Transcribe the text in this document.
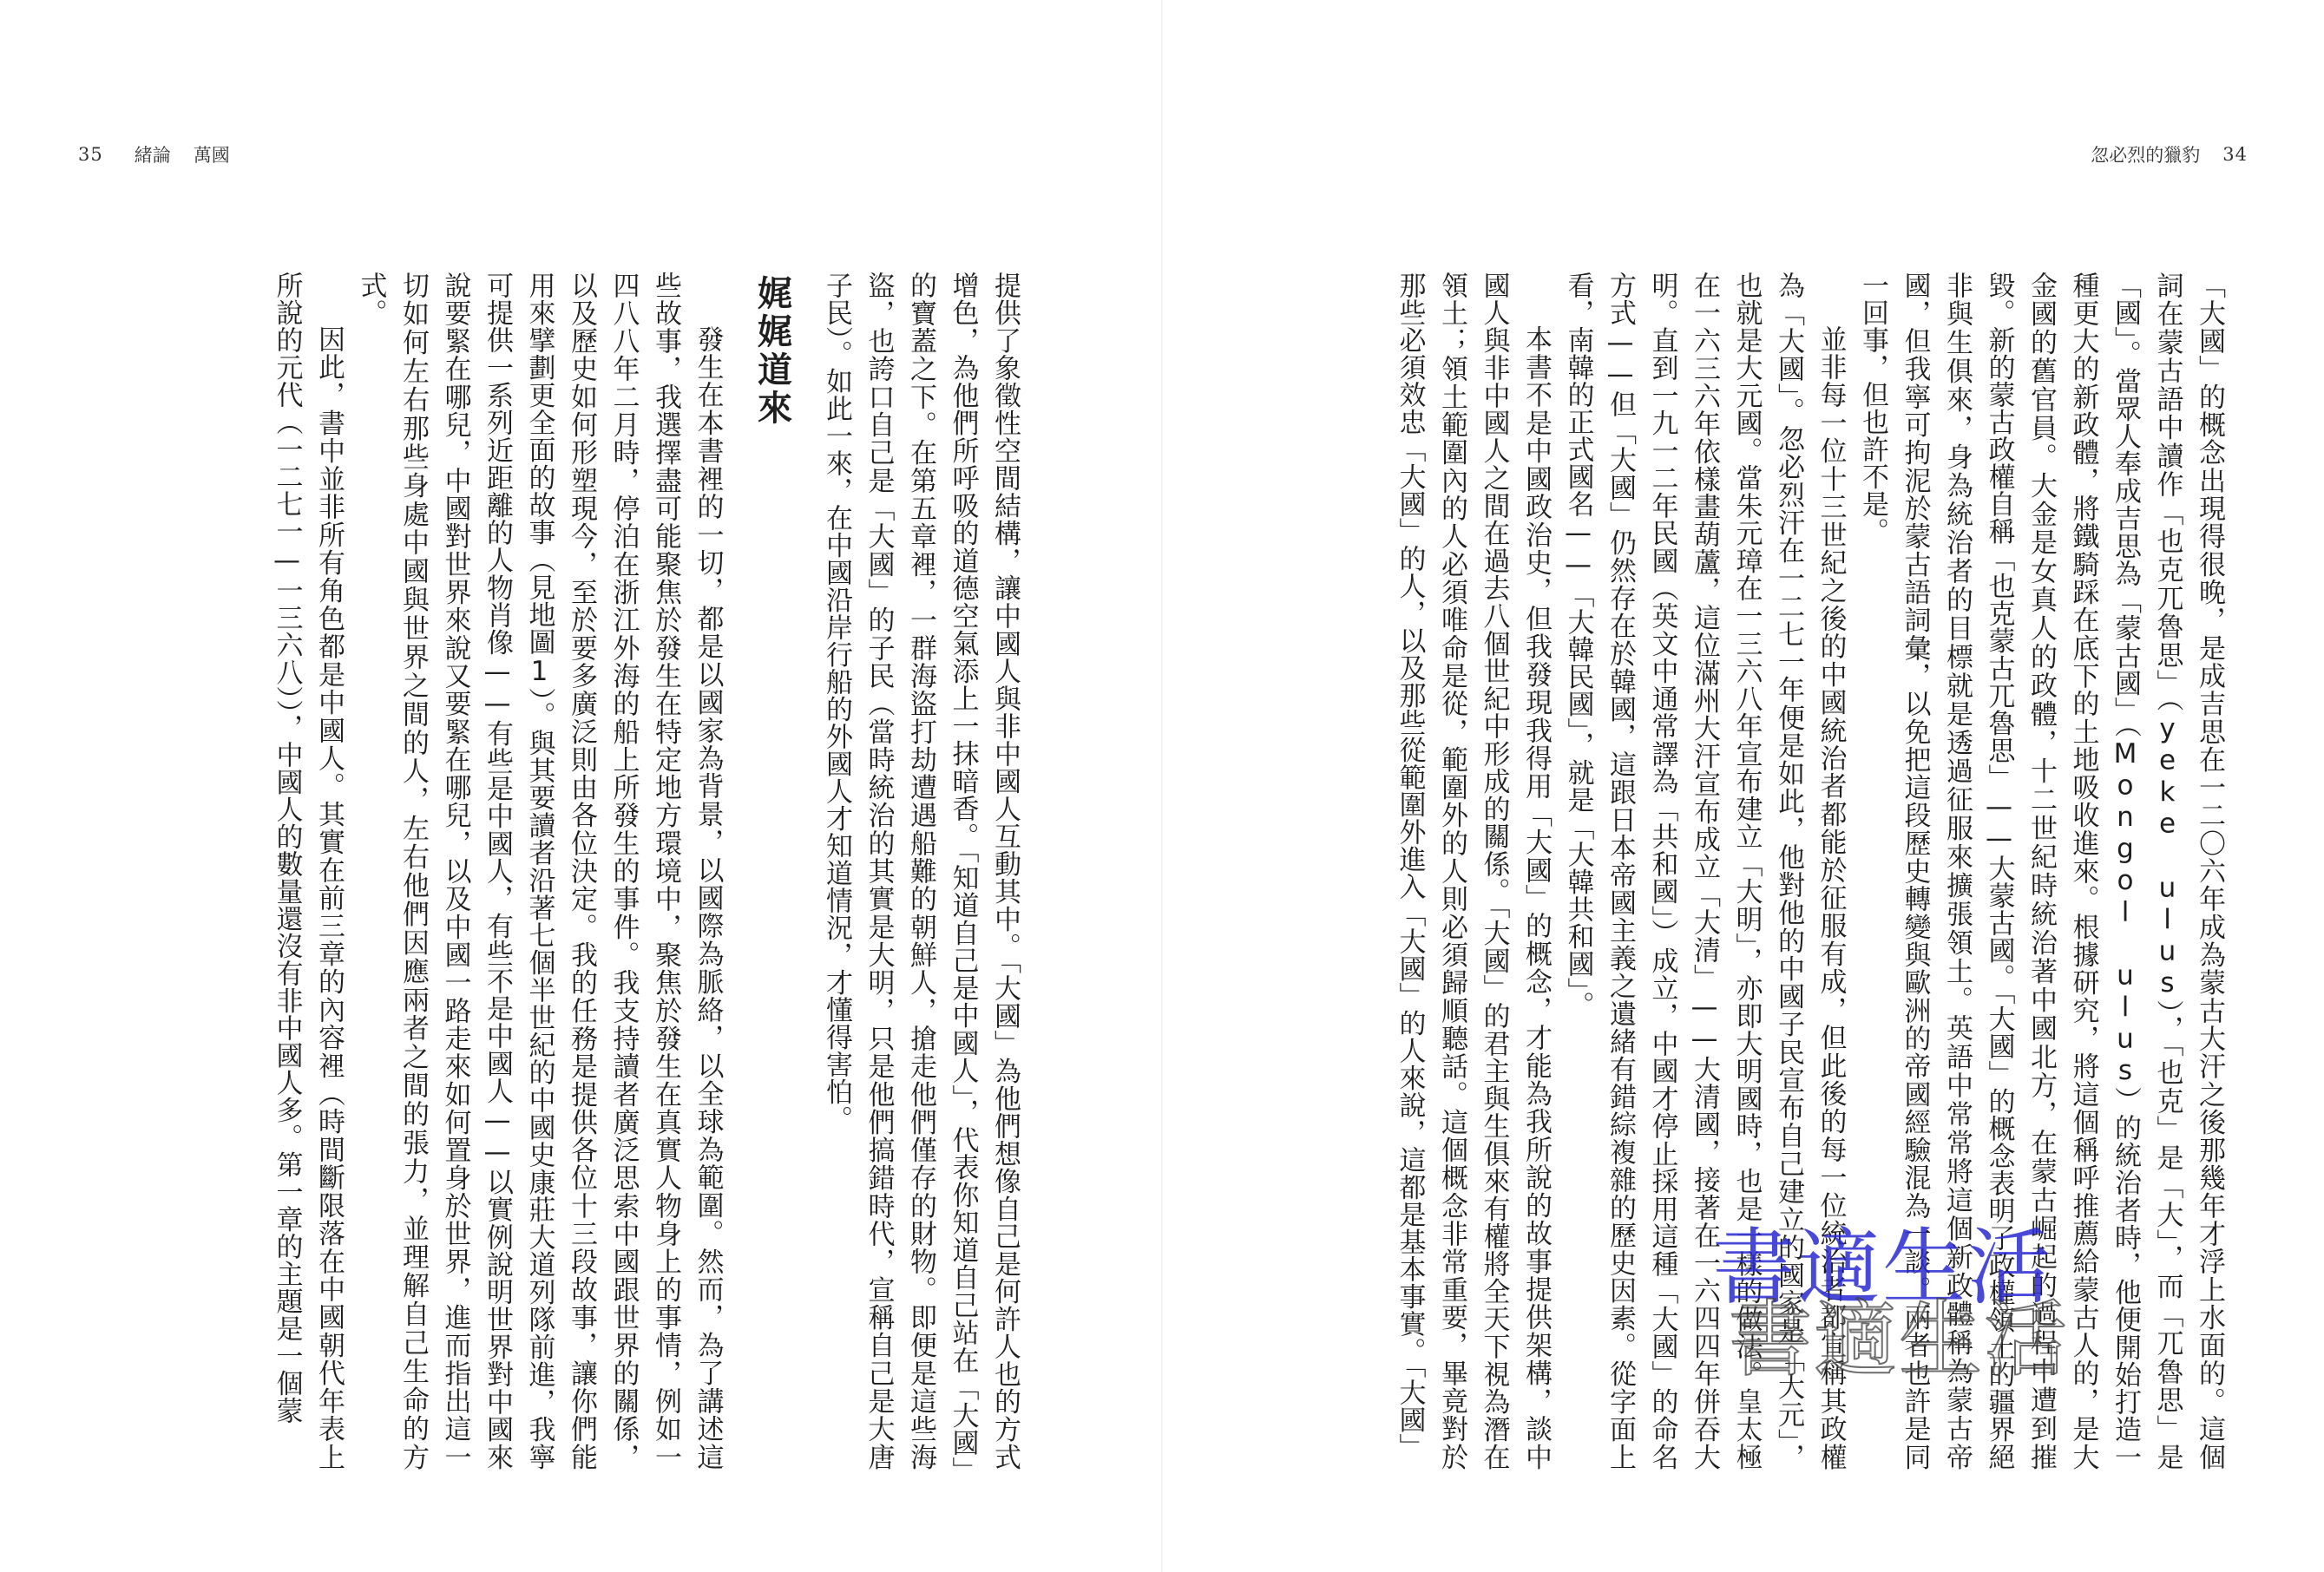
35 緒論 萬國	忽必烈的獵豹 34

「大國」的概念出現得很晚，是成吉思在一二〇六年成為蒙古大汗之後那幾年才浮上水面的。這個詞在蒙古語中讀作「也克兀魯思」（yeke ulus），「也克」是「大」，而「兀魯思」是「國」。當眾人奉成吉思為「蒙古國」（Mongol ulus）的統治者時，他便開始打造一種更大的新政體，將鐵騎踩在底下的土地吸收進來。根據研究，將這個稱呼推薦給蒙古人的，是大金國的舊官員。大金是女真人的政體，十二世紀時統治著中國北方，在蒙古崛起的過程中遭到摧毀。新的蒙古政權自稱「也克蒙古兀魯思」——大蒙古國。「大國」的概念表明了政權領土的疆界絕非與生俱來，身為統治者的目標就是透過征服來擴張領土。英語中常常將這個新政體稱為蒙古帝國，但我寧可拘泥於蒙古語詞彙，以免把這段歷史轉變與歐洲的帝國經驗混為一談。兩者也許是同一回事，但也許不是。

並非每一位十三世紀之後的中國統治者都能於征服有成，但此後的每一位統治者都宣稱其政權為「大國」。忽必烈汗在一二七一年便是如此，他對他的中國子民宣布自己建立的國家是「大元」，也就是大元國。當朱元璋在一三六八年宣布建立「大明」，亦即大明國時，也是一樣的做法。皇太極在一六三六年依樣畫葫蘆，這位滿州大汗宣布成立「大清」——大清國，接著在一六四四年併吞大明。直到一九一二年民國（英文中通常譯為「共和國」）成立，中國才停止採用這種「大國」的命名方式——但「大國」仍然存在於韓國，這跟日本帝國主義之遺緒有錯綜複雜的歷史因素。從字面上看，南韓的正式國名——「大韓民國」，就是「大韓共和國」。

本書不是中國政治史，但我發現我得用「大國」的概念，才能為我所說的故事提供架構，談中國人與非中國人之間在過去八個世紀中形成的關係。「大國」的君主與生俱來有權將全天下視為潛在領土；領土範圍內的人必須唯命是從，範圍外的人則必須歸順聽話。這個概念非常重要，畢竟對於那些必須效忠「大國」的人，以及那些從範圍外進入「大國」的人來說，這都是基本事實。「大國」

提供了象徵性空間結構，讓中國人與非中國人互動其中。「大國」為他們想像自己是何許人也的方式增色，為他們所呼吸的道德空氣添上一抹暗香。「知道自己是中國人」，代表你知道自己站在「大國」的寶蓋之下。在第五章裡，一群海盜打劫遭遇船難的朝鮮人，搶走他們僅存的財物。即便是這些海盜，也誇口自己是「大國」的子民（當時統治的其實是大明，只是他們搞錯時代，宣稱自己是大唐子民）。如此一來，在中國沿岸行船的外國人才知道情況，才懂得害怕。

娓娓道來

發生在本書裡的一切，都是以國家為背景，以國際為脈絡，以全球為範圍。然而，為了講述這些故事，我選擇盡可能聚焦於發生在特定地方環境中，聚焦於發生在真實人物身上的事情，例如一四八八年二月時，停泊在浙江外海的船上所發生的事件。我支持讀者廣泛思索中國跟世界的關係，以及歷史如何形塑現今，至於要多廣泛則由各位決定。我的任務是提供各位十三段故事，讓你們能用來擘劃更全面的故事（見地圖1）。與其要讀者沿著七個半世紀的中國史康莊大道列隊前進，我寧可提供一系列近距離的人物肖像——有些是中國人，有些不是中國人——以實例說明世界對中國來說要緊在哪兒，中國對世界來說又要緊在哪兒，以及中國一路走來如何置身於世界，進而指出這一切如何左右那些身處中國與世界之間的人，左右他們因應兩者之間的張力，並理解自己生命的方式。

因此，書中並非所有角色都是中國人。其實在前三章的內容裡（時間斷限落在中國朝代年表上所說的元代（一二七一—一三六八）），中國人的數量還沒有非中國人多。第一章的主題是一個蒙	書適生活
書適生活
